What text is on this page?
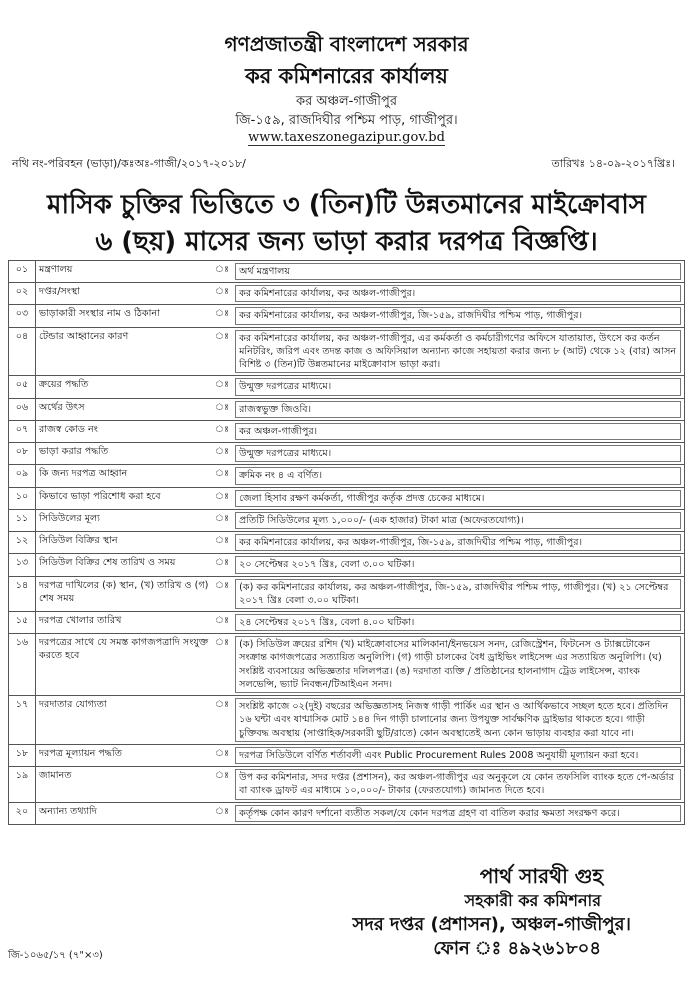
গণপ্রজাতন্ত্রী বাংলাদেশ সরকার
কর কমিশনারের কার্যালয়
কর অঞ্চল-গাজীপুর
জি-১৫৯, রাজদিঘীর পশ্চিম পাড়, গাজীপুর।
www.taxeszonegazipur.gov.bd
নথি নং-পরিবহন (ভাড়া)/কঃঅঃ-গাজী/২০১৭-২০১৮/	তারিখঃ ১৪-০৯-২০১৭খ্রিঃ।
মাসিক চুক্তির ভিত্তিতে ৩ (তিন)টি উন্নতমানের মাইক্রোবাস
৬ (ছয়) মাসের জন্য ভাড়া করার দরপত্র বিজ্ঞপ্তি।
০১	মন্ত্রণালয়	ঃ	অর্থ মন্ত্রণালয়

০২	দপ্তর/সংস্থা	ঃ	কর কমিশনারের কার্যালয়, কর অঞ্চল-গাজীপুর।

০৩	ভাড়াকারী সংস্থার নাম ও ঠিকানা	ঃ	কর কমিশনারের কার্যালয়, কর অঞ্চল-গাজীপুর, জি-১৫৯, রাজদিঘীর পশ্চিম পাড়, গাজীপুর।

০৪	টেন্ডার আহ্বানের কারণ	ঃ	কর কমিশনারের কার্যালয়, কর অঞ্চল-গাজীপুর, এর কর্মকর্তা ও কর্মচারীগণের অফিসে যাতায়াত, উৎসে কর কর্তন মনিটরিং, জরিপ এবং তদন্ত কাজ ও অফিসিয়াল অন্যান্য কাজে সহায়তা করার জন্য ৮ (আট) থেকে ১২ (বার) আসন বিশিষ্ট ৩ (তিন)টি উন্নতমানের মাইক্রোবাস ভাড়া করা।

০৫	ক্রয়ের পদ্ধতি	ঃ	উন্মুক্ত দরপত্রের মাধ্যমে।

০৬	অর্থের উৎস	ঃ	রাজস্বভুক্ত জিওবি।

০৭	রাজস্ব কোড নং	ঃ	কর অঞ্চল-গাজীপুর।

০৮	ভাড়া করার পদ্ধতি	ঃ	উন্মুক্ত দরপত্রের মাধ্যমে।

০৯	কি জন্য দরপত্র আহ্বান	ঃ	ক্রমিক নং ৪ এ বর্ণিত।

১০	কিভাবে ভাড়া পরিশোধ করা হবে	ঃ	জেলা হিসাব রক্ষণ কর্মকর্তা, গাজীপুর কর্তৃক প্রদত্ত চেকের মাধ্যমে।

১১	সিডিউলের মূল্য	ঃ	প্রতিটি সিডিউলের মূল্য ১,০০০/- (এক হাজার) টাকা মাত্র (অফেরতযোগ্য)।

১২	সিডিউল বিক্রির স্থান	ঃ	কর কমিশনারের কার্যালয়, কর অঞ্চল-গাজীপুর, জি-১৫৯, রাজদিঘীর পশ্চিম পাড়, গাজীপুর।

১৩	সিডিউল বিক্রির শেষ তারিখ ও সময়	ঃ	২০ সেপ্টেম্বর ২০১৭ খ্রিঃ, বেলা ৩.০০ ঘটিকা।

১৪	দরপত্র দাখিলের (ক) স্থান, (খ) তারিখ ও (গ) শেষ সময়	ঃ	(ক) কর কমিশনারের কার্যালয়, কর অঞ্চল-গাজীপুর, জি-১৫৯, রাজদিঘীর পশ্চিম পাড়, গাজীপুর। (খ) ২১ সেপ্টেম্বর ২০১৭ খ্রিঃ বেলা ৩.০০ ঘটিকা।

১৫	দরপত্র খোলার তারিখ	ঃ	২৪ সেপ্টেম্বর ২০১৭ খ্রিঃ, বেলা ৪.০০ ঘটিকা।

১৬	দরপত্রের সাথে যে সমস্ত কাগজপত্রাদি সংযুক্ত করতে হবে	ঃ	(ক) সিডিউল ক্রয়ের রশিদ (খ) মাইক্রোবাসের মালিকানা/ইনভয়েস সনদ, রেজিস্ট্রেশন, ফিটনেস ও ট্যাক্সটোকেন সংক্রান্ত কাগজপত্রের সত্যায়িত অনুলিপি। (গ) গাড়ী চালকের বৈধ ড্রাইভিং লাইসেন্স এর সত্যায়িত অনুলিপি। (ঘ) সংশ্লিষ্ট ব্যবসায়ের অভিজ্ঞতার দলিলপত্র। (ঙ) দরদাতা ব্যক্তি / প্রতিষ্ঠানের হালনাগাদ ট্রেড লাইসেন্স, ব্যাংক সলভেন্সি, ভ্যাট নিবন্ধন/টিআইএন সনদ।

১৭	দরদাতার যোগ্যতা	ঃ	সংশ্লিষ্ট কাজে ০২(দুই) বছরের অভিজ্ঞতাসহ নিজস্ব গাড়ী পার্কিং এর স্থান ও আর্থিকভাবে সচ্ছল হতে হবে। প্রতিদিন ১৬ ঘন্টা এবং ষাণ্মাসিক মোট ১৪৪ দিন গাড়ী চালানোর জন্য উপযুক্ত সার্বক্ষণিক ড্রাইভার থাকতে হবে। গাড়ী চুক্তিবদ্ধ অবস্থায় (সাপ্তাহিক/সরকারী ছুটি/রাতে) কোন অবস্থাতেই অন্য কোন ভাড়ায় ব্যবহার করা যাবে না।

১৮	দরপত্র মূল্যায়ন পদ্ধতি	ঃ	দরপত্র সিডিউলে বর্ণিত শর্তাবলী এবং Public Procurement Rules 2008 অনুযায়ী মূল্যায়ন করা হবে।

১৯	জামানত	ঃ	উপ কর কমিশনার, সদর দপ্তর (প্রশাসন), কর অঞ্চল-গাজীপুর এর অনুকূলে যে কোন তফসিলি ব্যাংক হতে পে-অর্ডার বা ব্যাংক ড্রাফট এর মাধ্যমে ১০,০০০/- টাকার (ফেরতযোগ্য) জামানত দিতে হবে।

২০	অন্যান্য তথ্যাদি	ঃ	কর্তৃপক্ষ কোন কারণ দর্শানো ব্যতীত সকল/যে কোন দরপত্র গ্রহণ বা বাতিল করার ক্ষমতা সংরক্ষণ করে।
পার্থ সারথী গুহ
সহকারী কর কমিশনার
সদর দপ্তর (প্রশাসন), অঞ্চল-গাজীপুর।
ফোন ঃ ৪৯২৬১৮০৪
জি-১০৬৫/১৭ (৭"×৩)
